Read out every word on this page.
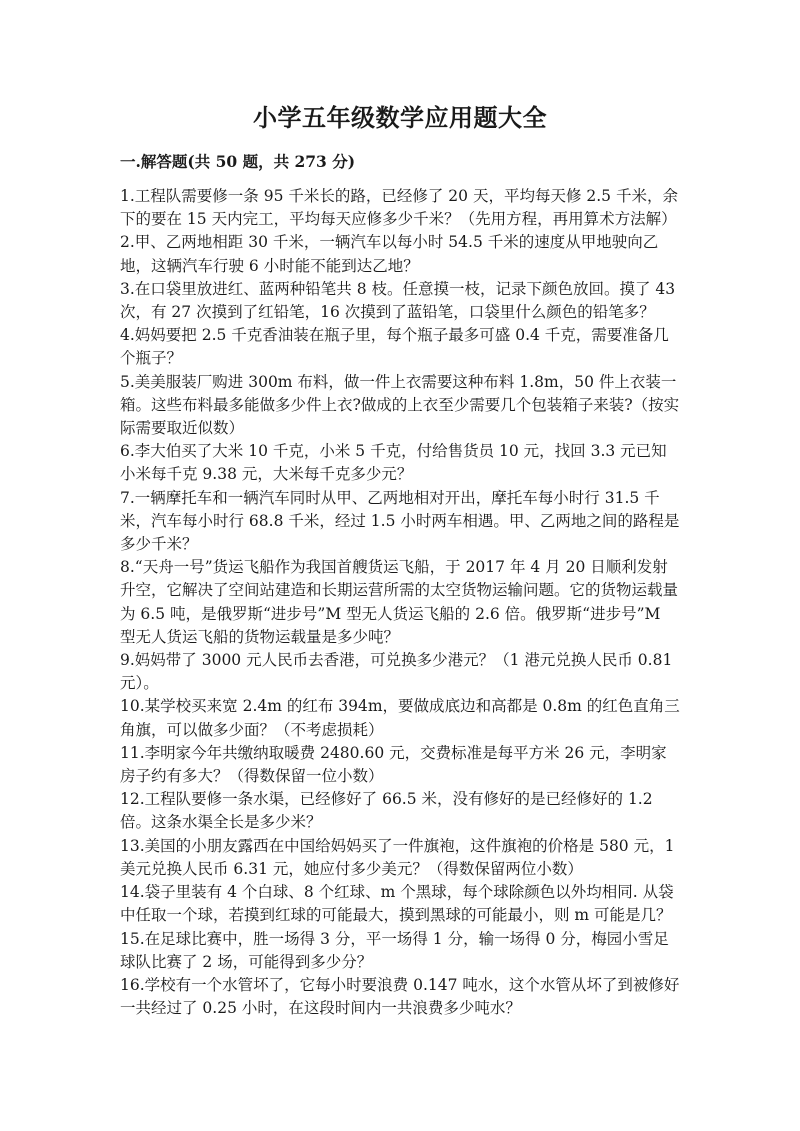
小学五年级数学应用题大全
一.解答题(共 50 题，共 273 分)

1.工程队需要修一条 95 千米长的路，已经修了 20 天，平均每天修 2.5 千米，余下的要在 15 天内完工，平均每天应修多少千米？（先用方程，再用算术方法解）

2.甲、乙两地相距 30 千米，一辆汽车以每小时 54.5 千米的速度从甲地驶向乙地，这辆汽车行驶 6 小时能不能到达乙地？

3.在口袋里放进红、蓝两种铅笔共 8 枝。任意摸一枝，记录下颜色放回。摸了 43 次，有 27 次摸到了红铅笔，16 次摸到了蓝铅笔，口袋里什么颜色的铅笔多？

4.妈妈要把 2.5 千克香油装在瓶子里，每个瓶子最多可盛 0.4 千克，需要准备几个瓶子？

5.美美服装厂购进 300m 布料，做一件上衣需要这种布料 1.8m，50 件上衣装一箱。这些布料最多能做多少件上衣?做成的上衣至少需要几个包装箱子来装?（按实际需要取近似数）

6.李大伯买了大米 10 千克，小米 5 千克，付给售货员 10 元，找回 3.3 元已知小米每千克 9.38 元，大米每千克多少元？

7.一辆摩托车和一辆汽车同时从甲、乙两地相对开出，摩托车每小时行 31.5 千米，汽车每小时行 68.8 千米，经过 1.5 小时两车相遇。甲、乙两地之间的路程是多少千米？

8.“天舟一号”货运飞船作为我国首艘货运飞船，于 2017 年 4 月 20 日顺利发射升空，它解决了空间站建造和长期运营所需的太空货物运输问题。它的货物运载量为 6.5 吨，是俄罗斯“进步号”M 型无人货运飞船的 2.6 倍。俄罗斯“进步号”M 型无人货运飞船的货物运载量是多少吨？

9.妈妈带了 3000 元人民币去香港，可兑换多少港元？（1 港元兑换人民币 0.81 元）。

10.某学校买来宽 2.4m 的红布 394m，要做成底边和高都是 0.8m 的红色直角三角旗，可以做多少面？（不考虑损耗）

11.李明家今年共缴纳取暖费 2480.60 元，交费标准是每平方米 26 元，李明家房子约有多大？（得数保留一位小数）

12.工程队要修一条水渠，已经修好了 66.5 米，没有修好的是已经修好的 1.2 倍。这条水渠全长是多少米？

13.美国的小朋友露西在中国给妈妈买了一件旗袍，这件旗袍的价格是 580 元，1 美元兑换人民币 6.31 元，她应付多少美元？（得数保留两位小数）

14.袋子里装有 4 个白球、8 个红球、m 个黑球，每个球除颜色以外均相同. 从袋中任取一个球，若摸到红球的可能最大，摸到黑球的可能最小，则 m 可能是几？

15.在足球比赛中，胜一场得 3 分，平一场得 1 分，输一场得 0 分，梅园小雪足球队比赛了 2 场，可能得到多少分？

16.学校有一个水管坏了，它每小时要浪费 0.147 吨水，这个水管从坏了到被修好一共经过了 0.25 小时，在这段时间内一共浪费多少吨水？
